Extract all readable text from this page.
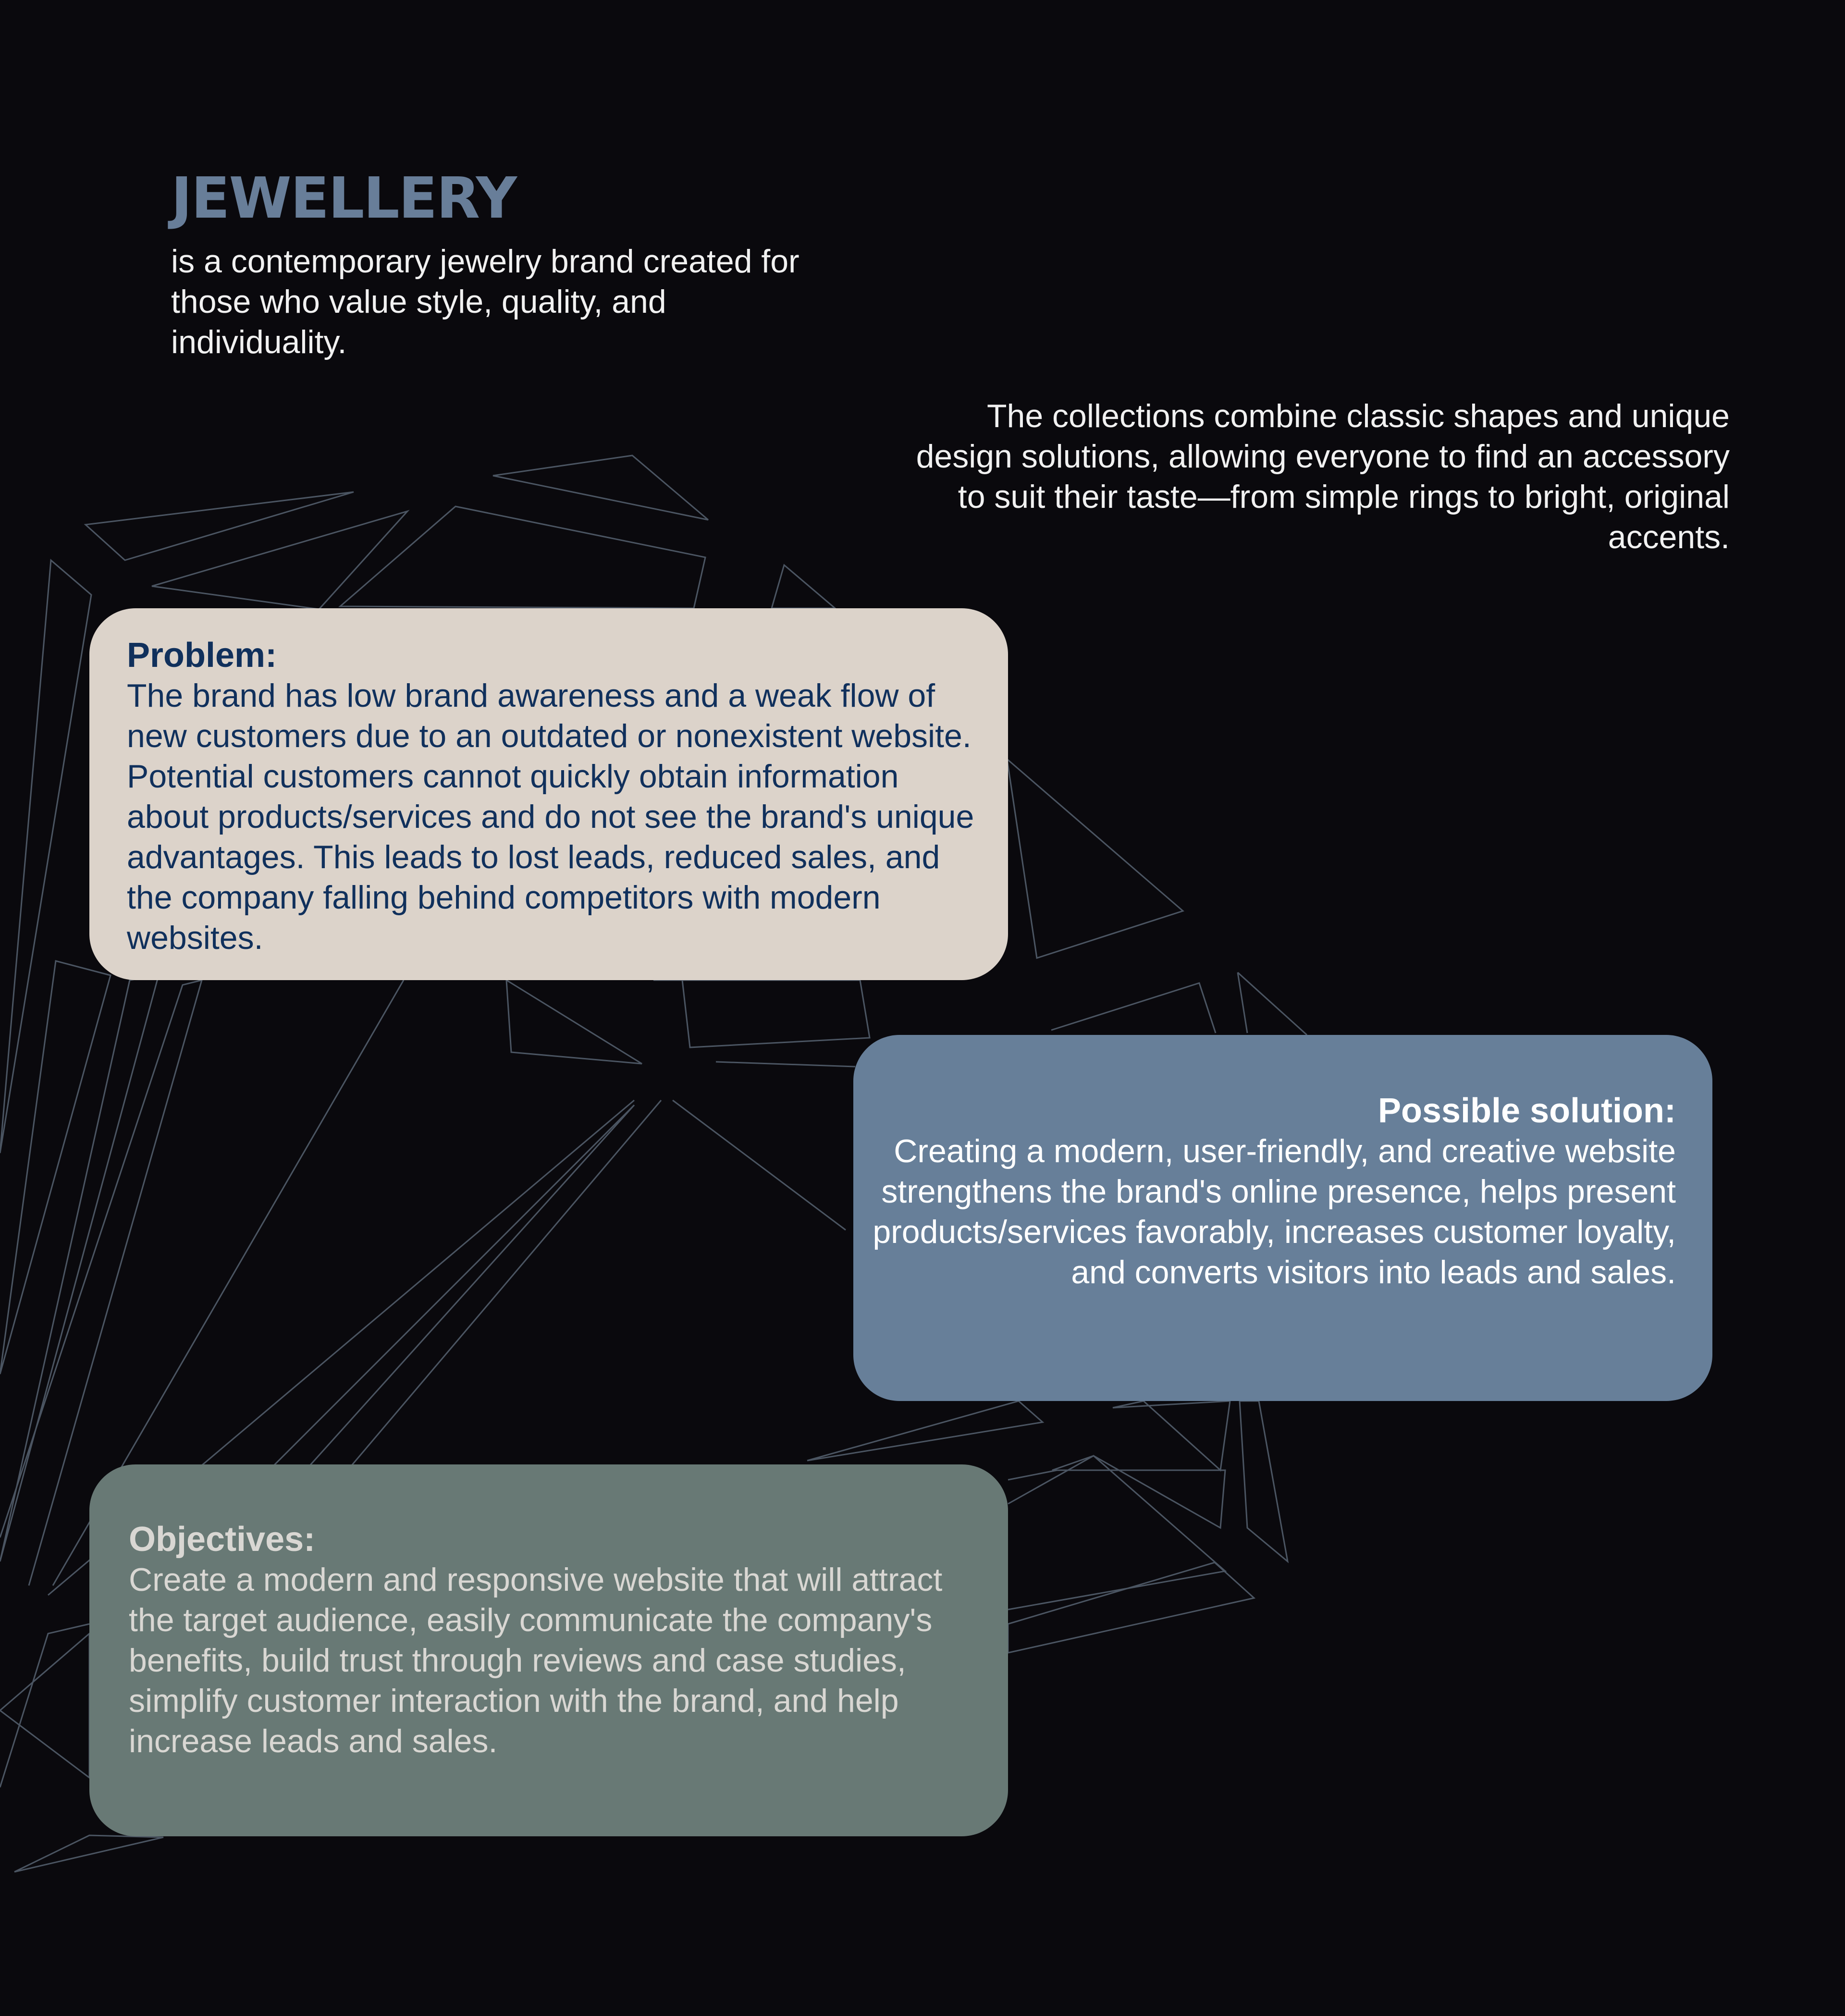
JEWELLERY

is a contemporary jewelry brand created for those who value style, quality, and individuality.

The collections combine classic shapes and unique design solutions, allowing everyone to find an accessory to suit their taste—from simple rings to bright, original accents.

Problem:

The brand has low brand awareness and a weak flow of new customers due to an outdated or nonexistent website. Potential customers cannot quickly obtain information about products/services and do not see the brand's unique advantages. This leads to lost leads, reduced sales, and the company falling behind competitors with modern websites.

Possible solution:

Creating a modern, user-friendly, and creative website strengthens the brand's online presence, helps present products/services favorably, increases customer loyalty, and converts visitors into leads and sales.

Objectives:

Create a modern and responsive website that will attract the target audience, easily communicate the company's benefits, build trust through reviews and case studies, simplify customer interaction with the brand, and help increase leads and sales.
